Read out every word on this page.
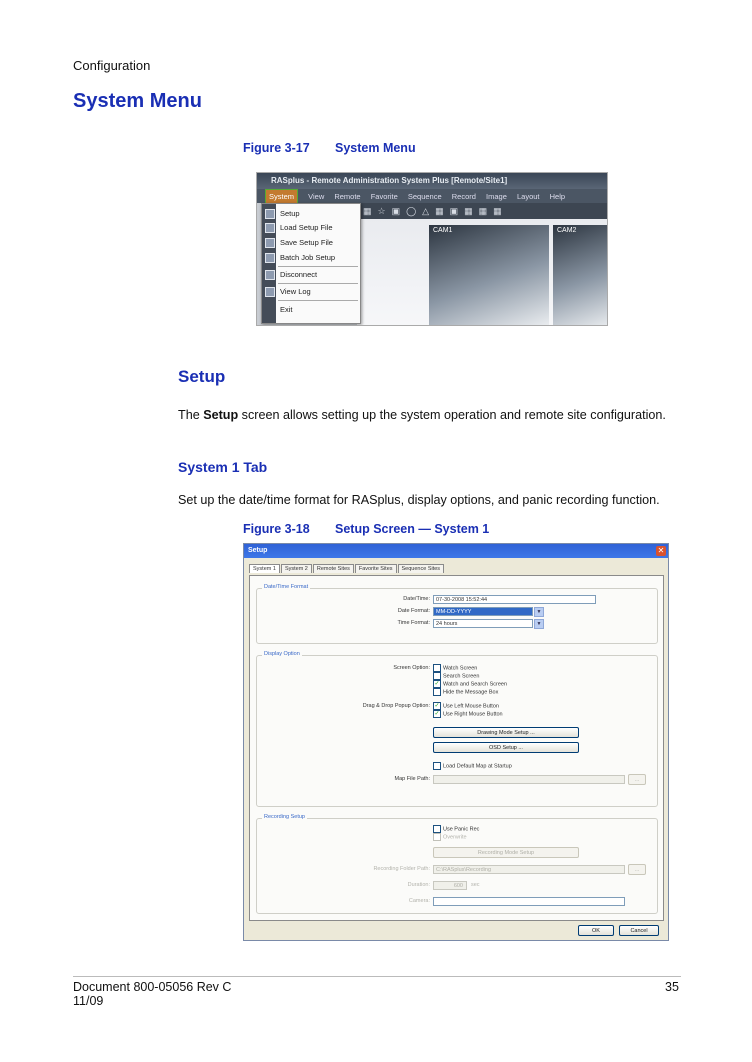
Configuration
System Menu
Figure 3-17 System Menu
RASplus - Remote Administration System Plus [Remote/Site1]
System View Remote Favorite Sequence Record Image Layout Help
▦☆▣◯△▦▣▦▦▦
CAM1	CAM2
Setup
Load Setup File
Save Setup File
Batch Job Setup
Disconnect
View Log
Exit
Setup
The Setup screen allows setting up the system operation and remote site configuration.
System 1 Tab
Set up the date/time format for RASplus, display options, and panic recording function.
Figure 3-18 Setup Screen — System 1
Setup	✕
System 1 System 2 Remote Sites Favorite Sites Sequence Sites
Date/Time Format
Date/Time:	07-30-2008 15:52:44
Date Format:	MM-DD-YYYY	▼
Time Format:	24 hours	▼
Display Option
Screen Option:	Watch Screen
Search Screen
✓ Watch and Search Screen
Hide the Message Box
Drag & Drop Popup Option: ✓ Use Left Mouse Button
✓ Use Right Mouse Button
Drawing Mode Setup ...
OSD Setup ...
Load Default Map at Startup
Map File Path:	...
Recording Setup
Use Panic Rec
Overwrite
Recording Mode Setup
Recording Folder Path:	C:\RASplus\Recording	...
Duration:	600	sec
Camera:
OK	Cancel
Document 800-05056 Rev C
11/09
35
